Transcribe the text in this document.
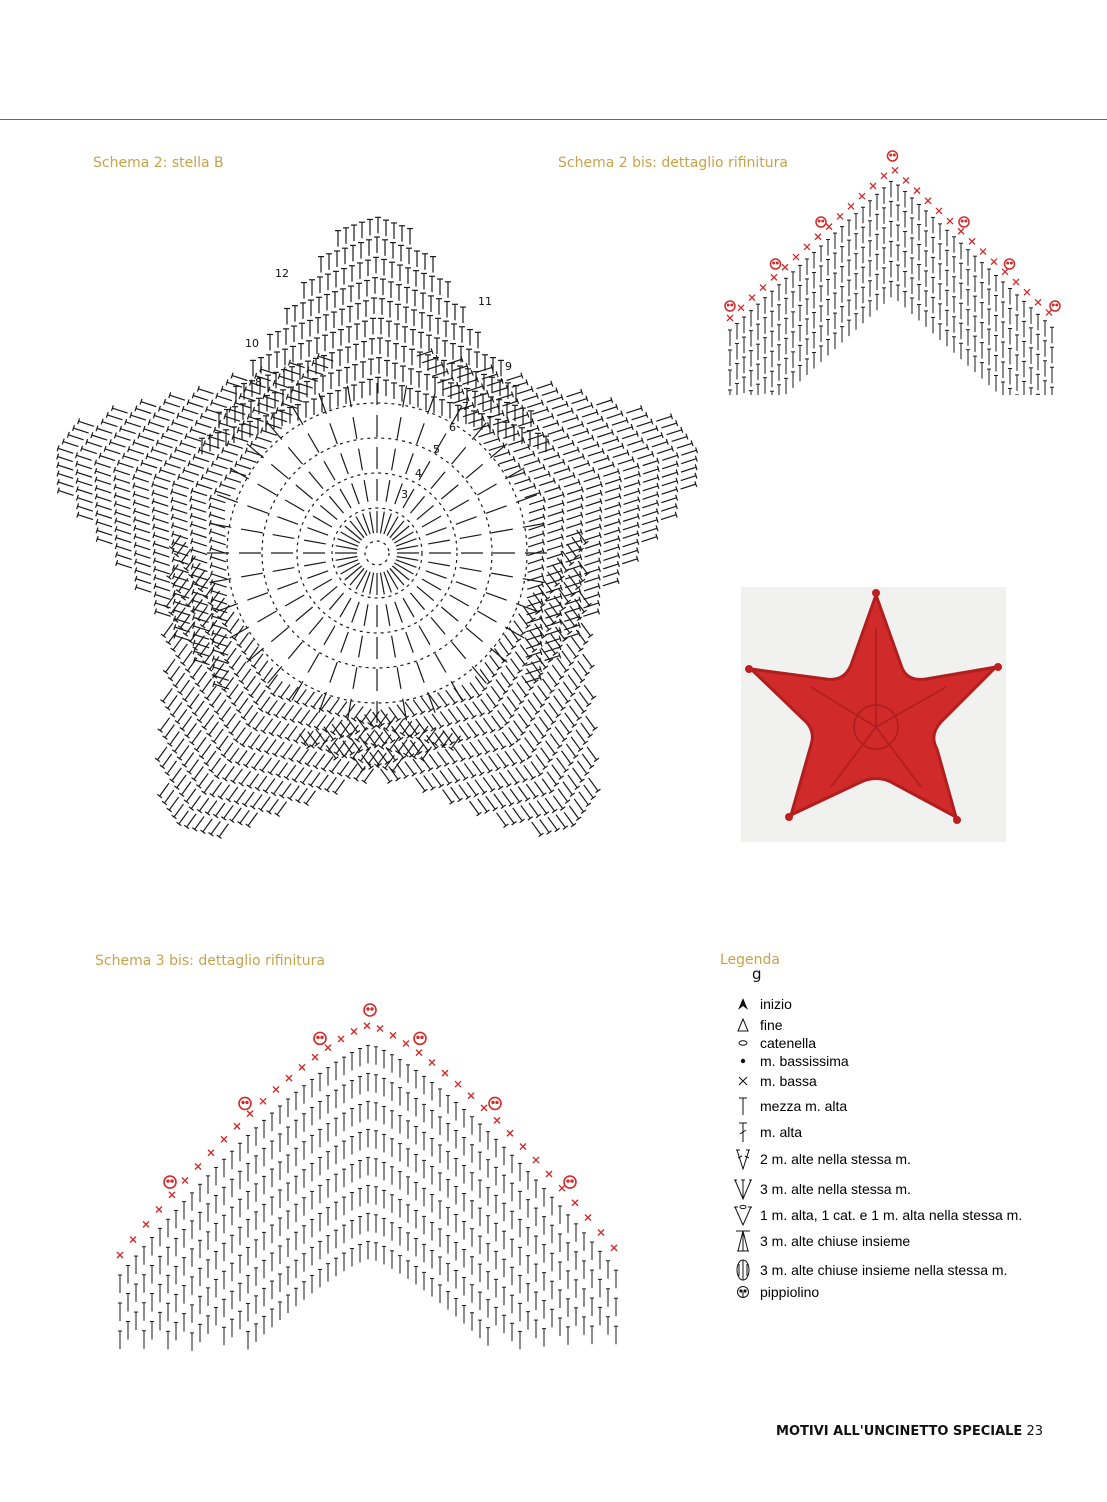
Schema 2: stella B	Schema 2 bis: dettaglio rifinitura
Schema 3 bis: dettaglio rifinitura
12
11
10
9
8
7
6
5
4
3
Legenda
g
MOTIVI ALL'UNCINETTO SPECIALE 23
inizio
fine
catenella
m. bassissima
m. bassa
mezza m. alta
m. alta
2 m. alte nella stessa m.
3 m. alte nella stessa m.
1 m. alta, 1 cat. e 1 m. alta nella stessa m.
3 m. alte chiuse insieme
3 m. alte chiuse insieme nella stessa m.
pippiolino
